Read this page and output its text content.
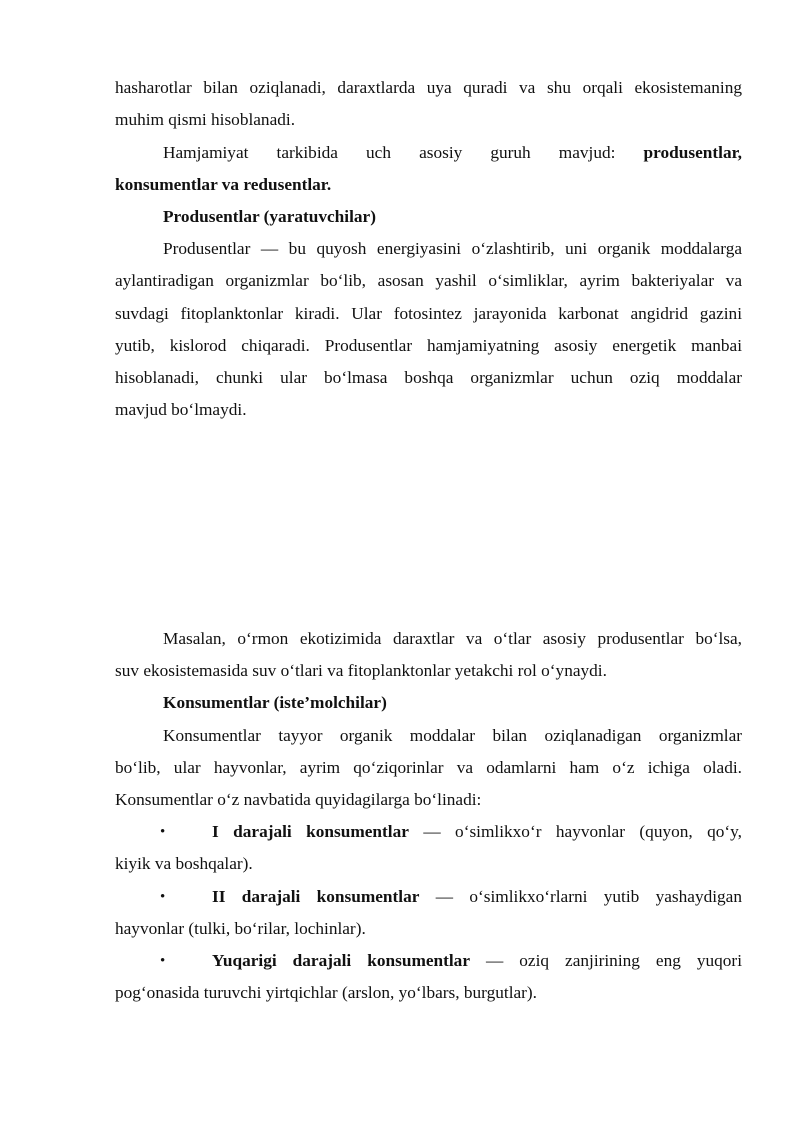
hasharotlar bilan oziqlanadi, daraxtlarda uya quradi va shu orqali ekosistemaning
muhim qismi hisoblanadi.
Hamjamiyat tarkibida uch asosiy guruh mavjud: produsentlar,
konsumentlar va redusentlar.
Produsentlar (yaratuvchilar)
Produsentlar — bu quyosh energiyasini o‘zlashtirib, uni organik moddalarga
aylantiradigan organizmlar bo‘lib, asosan yashil o‘simliklar, ayrim bakteriyalar va
suvdagi fitoplanktonlar kiradi. Ular fotosintez jarayonida karbonat angidrid gazini
yutib, kislorod chiqaradi. Produsentlar hamjamiyatning asosiy energetik manbai
hisoblanadi, chunki ular bo‘lmasa boshqa organizmlar uchun oziq moddalar
mavjud bo‘lmaydi.
Masalan, o‘rmon ekotizimida daraxtlar va o‘tlar asosiy produsentlar bo‘lsa,
suv ekosistemasida suv o‘tlari va fitoplanktonlar yetakchi rol o‘ynaydi.
Konsumentlar (iste’molchilar)
Konsumentlar tayyor organik moddalar bilan oziqlanadigan organizmlar
bo‘lib, ular hayvonlar, ayrim qo‘ziqorinlar va odamlarni ham o‘z ichiga oladi.
Konsumentlar o‘z navbatida quyidagilarga bo‘linadi:
•	I darajali konsumentlar — o‘simlikxo‘r hayvonlar (quyon, qo‘y,
kiyik va boshqalar).
•	II darajali konsumentlar — o‘simlikxo‘rlarni yutib yashaydigan
hayvonlar (tulki, bo‘rilar, lochinlar).
•	Yuqarigi darajali konsumentlar — oziq zanjirining eng yuqori
pog‘onasida turuvchi yirtqichlar (arslon, yo‘lbars, burgutlar).
